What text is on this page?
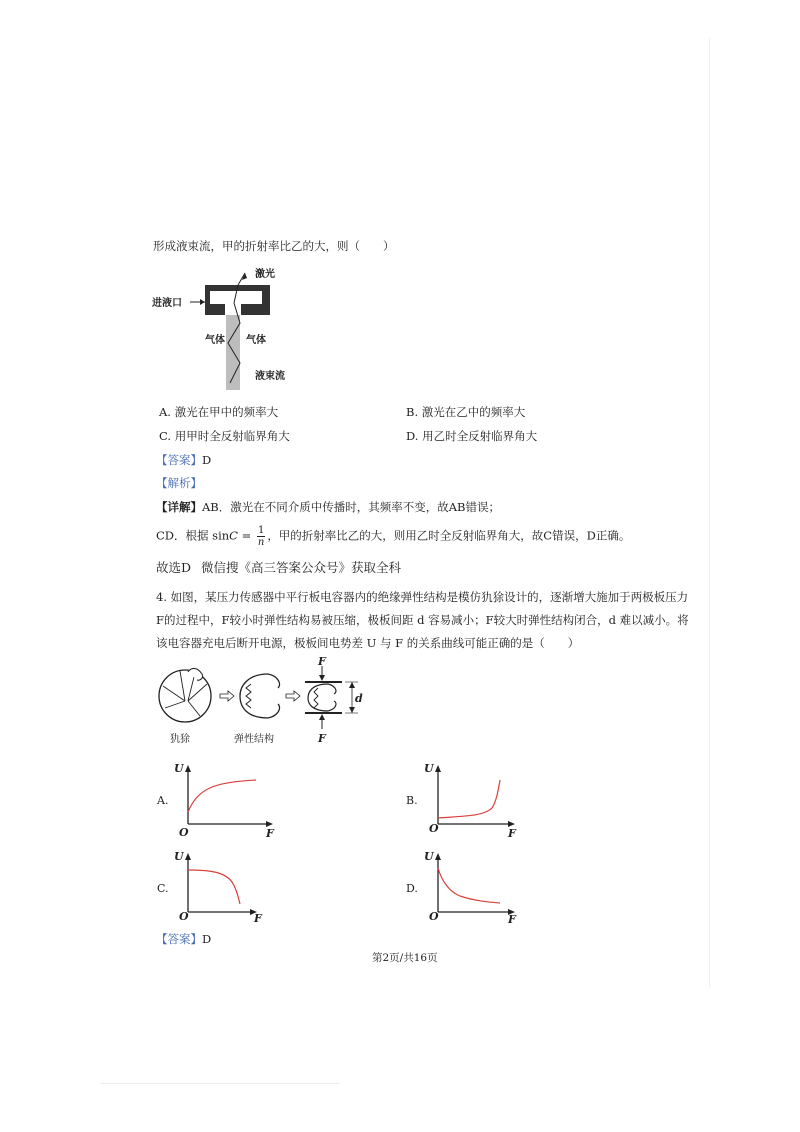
形成液束流，甲的折射率比乙的大，则（　　）
激光
进液口
气体 气体
液束流
A. 激光在甲中的频率大	B. 激光在乙中的频率大
C. 用甲时全反射临界角大	D. 用乙时全反射临界角大
【答案】D
【解析】
【详解】AB．激光在不同介质中传播时，其频率不变，故AB错误；
CD．根据 $\sin C = \frac{1}{n}$ ，甲的折射率比乙的大，则用乙时全反射临界角大，故C错误，D正确。
故选D 微信搜《高三答案公众号》获取全科
4. 如图，某压力传感器中平行板电容器内的绝缘弹性结构是模仿犰狳设计的，逐渐增大施加于两极板压力
F的过程中，F较小时弹性结构易被压缩，极板间距 d 容易减小；F较大时弹性结构闭合，d 难以减小。将
该电容器充电后断开电源，极板间电势差 U 与 F 的关系曲线可能正确的是（　　）
犰狳	弹性结构
F
F
d
A.
U
F
O
B.
U
F
O
C.
U
F
O
D.
U
F
O
【答案】D
第2页/共16页
